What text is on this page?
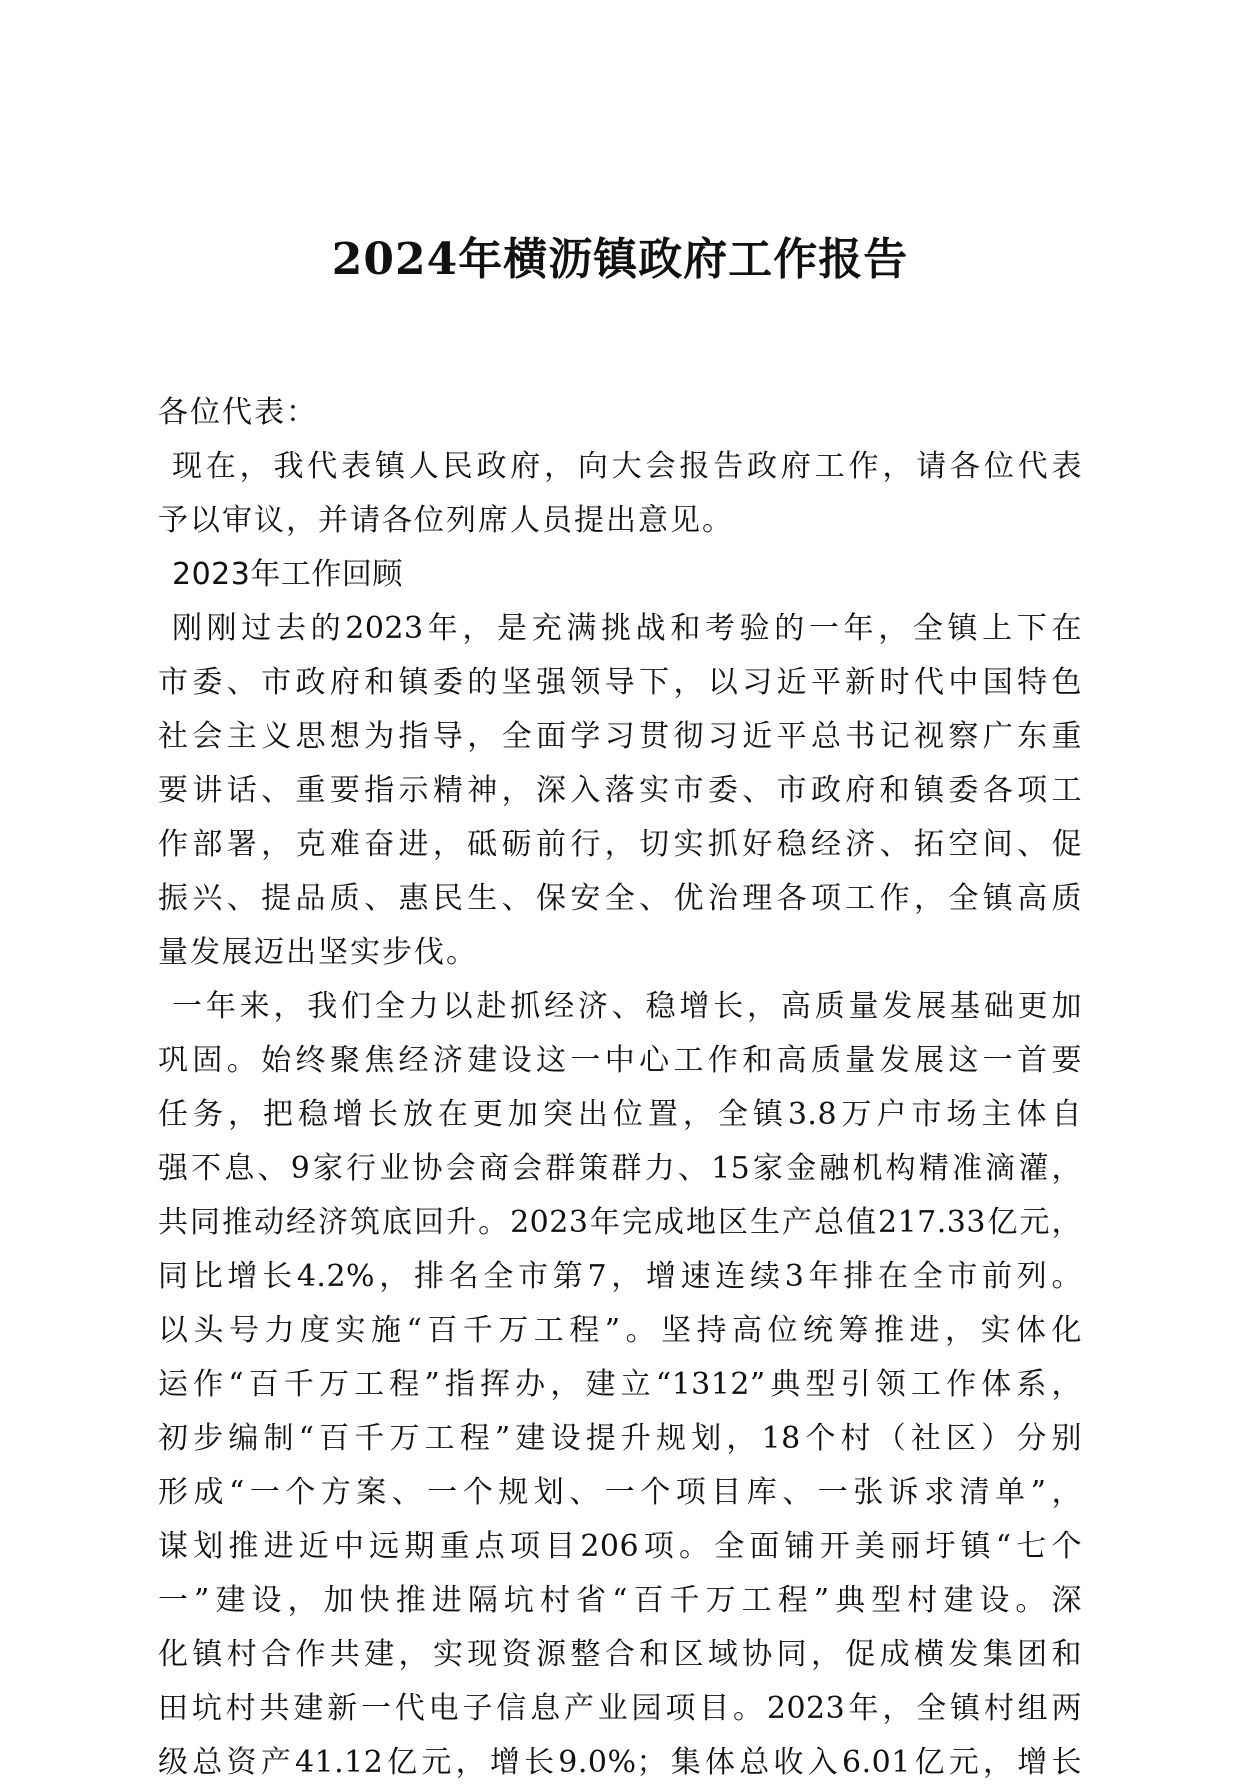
2024年横沥镇政府工作报告
各位代表：
现在，我代表镇人民政府，向大会报告政府工作，请各位代表
予以审议，并请各位列席人员提出意见。
2023年工作回顾
刚刚过去的2023年，是充满挑战和考验的一年，全镇上下在
市委、市政府和镇委的坚强领导下，以习近平新时代中国特色
社会主义思想为指导，全面学习贯彻习近平总书记视察广东重
要讲话、重要指示精神，深入落实市委、市政府和镇委各项工
作部署，克难奋进，砥砺前行，切实抓好稳经济、拓空间、促
振兴、提品质、惠民生、保安全、优治理各项工作，全镇高质
量发展迈出坚实步伐。
一年来，我们全力以赴抓经济、稳增长，高质量发展基础更加
巩固。始终聚焦经济建设这一中心工作和高质量发展这一首要
任务，把稳增长放在更加突出位置，全镇3.8万户市场主体自
强不息、9家行业协会商会群策群力、15家金融机构精准滴灌，
共同推动经济筑底回升。2023年完成地区生产总值217.33亿元，
同比增长4.2%，排名全市第7，增速连续3年排在全市前列。
以头号力度实施“百千万工程”。坚持高位统筹推进，实体化
运作“百千万工程”指挥办，建立“1312”典型引领工作体系，
初步编制“百千万工程”建设提升规划，18个村（社区）分别
形成“一个方案、一个规划、一个项目库、一张诉求清单”，
谋划推进近中远期重点项目206项。全面铺开美丽圩镇“七个
一”建设，加快推进隔坑村省“百千万工程”典型村建设。深
化镇村合作共建，实现资源整合和区域协同，促成横发集团和
田坑村共建新一代电子信息产业园项目。2023年，全镇村组两
级总资产41.12亿元，增长9.0%；集体总收入6.01亿元，增长
